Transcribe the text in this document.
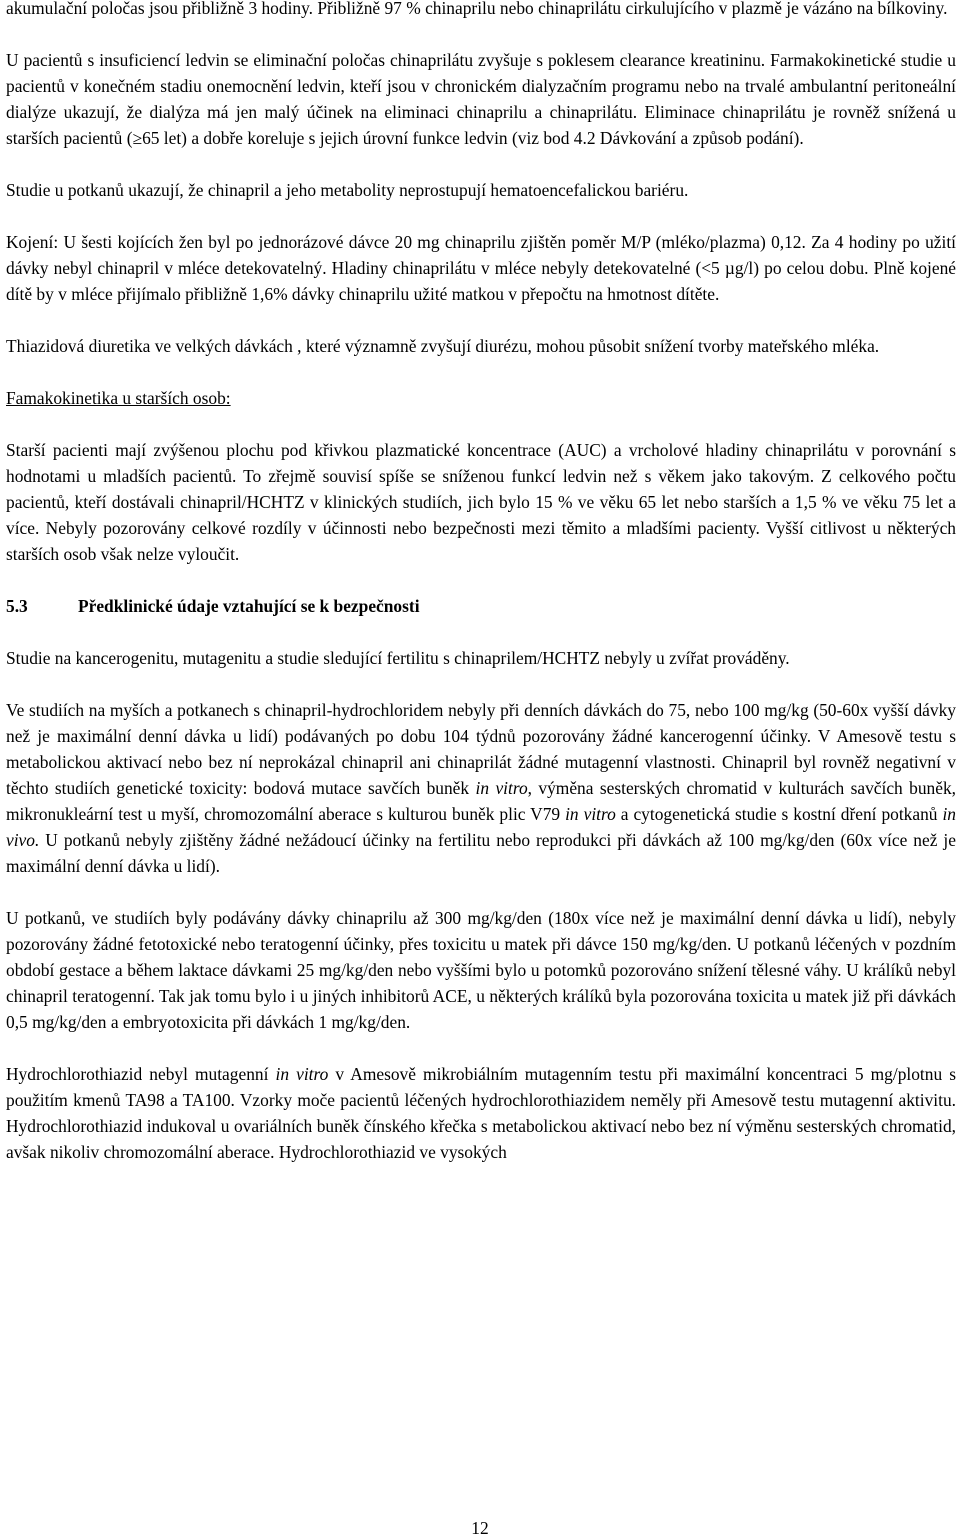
akumulační poločas jsou přibližně 3 hodiny. Přibližně 97 % chinaprilu nebo chinaprilátu cirkulujícího v plazmě je vázáno na bílkoviny.

U pacientů s insuficiencí ledvin se eliminační poločas chinaprilátu zvyšuje s poklesem clearance kreatininu. Farmakokinetické studie u pacientů v konečném stadiu onemocnění ledvin, kteří jsou v chronickém dialyzačním programu nebo na trvalé ambulantní peritoneální dialýze ukazují, že dialýza má jen malý účinek na eliminaci chinaprilu a chinaprilátu. Eliminace chinaprilátu je rovněž snížená u starších pacientů (≥65 let) a dobře koreluje s jejich úrovní funkce ledvin (viz bod 4.2 Dávkování a způsob podání).

Studie u potkanů ukazují, že chinapril a jeho metabolity neprostupují hematoencefalickou bariéru.

Kojení: U šesti kojících žen byl po jednorázové dávce 20 mg chinaprilu zjištěn poměr M/P (mléko/plazma) 0,12. Za 4 hodiny po užití dávky nebyl chinapril v mléce detekovatelný. Hladiny chinaprilátu v mléce nebyly detekovatelné (<5 µg/l) po celou dobu. Plně kojené dítě by v mléce přijímalo přibližně 1,6% dávky chinaprilu užité matkou v přepočtu na hmotnost dítěte.

Thiazidová diuretika ve velkých dávkách , které významně zvyšují diurézu, mohou působit snížení tvorby mateřského mléka.

Famakokinetika u starších osob:

Starší pacienti mají zvýšenou plochu pod křivkou plazmatické koncentrace (AUC) a vrcholové hladiny chinaprilátu v porovnání s hodnotami u mladších pacientů. To zřejmě souvisí spíše se sníženou funkcí ledvin než s věkem jako takovým. Z celkového počtu pacientů, kteří dostávali chinapril/HCHTZ v klinických studiích, jich bylo 15 % ve věku 65 let nebo starších a 1,5 % ve věku 75 let a více. Nebyly pozorovány celkové rozdíly v účinnosti nebo bezpečnosti mezi těmito a mladšími pacienty. Vyšší citlivost u některých starších osob však nelze vyloučit.

5.3	Předklinické údaje vztahující se k bezpečnosti

Studie na kancerogenitu, mutagenitu a studie sledující fertilitu s chinaprilem/HCHTZ nebyly u zvířat prováděny.

Ve studiích na myších a potkanech s chinapril-hydrochloridem nebyly při denních dávkách do 75, nebo 100 mg/kg (50-60x vyšší dávky než je maximální denní dávka u lidí) podávaných po dobu 104 týdnů pozorovány žádné kancerogenní účinky. V Amesově testu s metabolickou aktivací nebo bez ní neprokázal chinapril ani chinaprilát žádné mutagenní vlastnosti. Chinapril byl rovněž negativní v těchto studiích genetické toxicity: bodová mutace savčích buněk in vitro, výměna sesterských chromatid v kulturách savčích buněk, mikronukleární test u myší, chromozomální aberace s kulturou buněk plic V79 in vitro a cytogenetická studie s kostní dření potkanů in vivo. U potkanů nebyly zjištěny žádné nežádoucí účinky na fertilitu nebo reprodukci při dávkách až 100 mg/kg/den (60x více než je maximální denní dávka u lidí).

U potkanů, ve studiích byly podávány dávky chinaprilu až 300 mg/kg/den (180x více než je maximální denní dávka u lidí), nebyly pozorovány žádné fetotoxické nebo teratogenní účinky, přes toxicitu u matek při dávce 150 mg/kg/den. U potkanů léčených v pozdním období gestace a během laktace dávkami 25 mg/kg/den nebo vyššími bylo u potomků pozorováno snížení tělesné váhy. U králíků nebyl chinapril teratogenní. Tak jak tomu bylo i u jiných inhibitorů ACE, u některých králíků byla pozorována toxicita u matek již při dávkách 0,5 mg/kg/den a embryotoxicita při dávkách 1 mg/kg/den.

Hydrochlorothiazid nebyl mutagenní in vitro v Amesově mikrobiálním mutagenním testu při maximální koncentraci 5 mg/plotnu s použitím kmenů TA98 a TA100. Vzorky moče pacientů léčených hydrochlorothiazidem neměly při Amesově testu mutagenní aktivitu. Hydrochlorothiazid indukoval u ovariálních buněk čínského křečka s metabolickou aktivací nebo bez ní výměnu sesterských chromatid, avšak nikoliv chromozomální aberace. Hydrochlorothiazid ve vysokých

12
